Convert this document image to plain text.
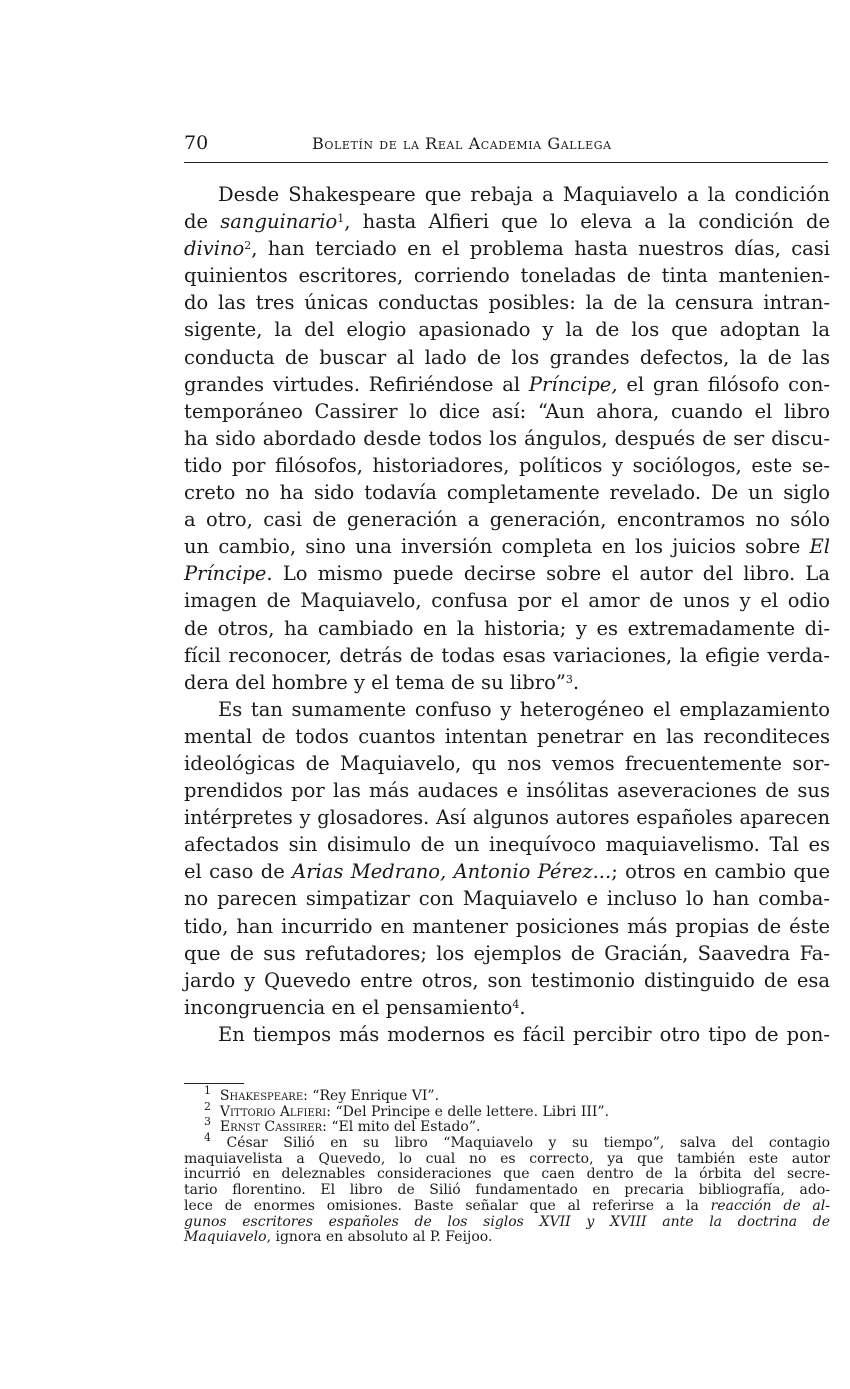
70	Boletín de la Real Academia Gallega
Desde Shakespeare que rebaja a Maquiavelo a la condición
de sanguinario$^1$, hasta Alfieri que lo eleva a la condición de
divino$^2$, han terciado en el problema hasta nuestros días, casi
quinientos escritores, corriendo toneladas de tinta mantenien-
do las tres únicas conductas posibles: la de la censura intran-
sigente, la del elogio apasionado y la de los que adoptan la
conducta de buscar al lado de los grandes defectos, la de las
grandes virtudes. Refiriéndose al Príncipe, el gran filósofo con-
temporáneo Cassirer lo dice así: “Aun ahora, cuando el libro
ha sido abordado desde todos los ángulos, después de ser discu-
tido por filósofos, historiadores, políticos y sociólogos, este se-
creto no ha sido todavía completamente revelado. De un siglo
a otro, casi de generación a generación, encontramos no sólo
un cambio, sino una inversión completa en los juicios sobre El
Príncipe. Lo mismo puede decirse sobre el autor del libro. La
imagen de Maquiavelo, confusa por el amor de unos y el odio
de otros, ha cambiado en la historia; y es extremadamente di-
fícil reconocer, detrás de todas esas variaciones, la efigie verda-
dera del hombre y el tema de su libro”$^3$.
Es tan sumamente confuso y heterogéneo el emplazamiento
mental de todos cuantos intentan penetrar en las reconditeces
ideológicas de Maquiavelo, qu nos vemos frecuentemente sor-
prendidos por las más audaces e insólitas aseveraciones de sus
intérpretes y glosadores. Así algunos autores españoles aparecen
afectados sin disimulo de un inequívoco maquiavelismo. Tal es
el caso de Arias Medrano, Antonio Pérez...; otros en cambio que
no parecen simpatizar con Maquiavelo e incluso lo han comba-
tido, han incurrido en mantener posiciones más propias de éste
que de sus refutadores; los ejemplos de Gracián, Saavedra Fa-
jardo y Quevedo entre otros, son testimonio distinguido de esa
incongruencia en el pensamiento$^4$.
En tiempos más modernos es fácil percibir otro tipo de pon-
$^1$ Shakespeare: “Rey Enrique VI”.
$^2$ Vittorio Alfieri: “Del Principe e delle lettere. Libri III”.
$^3$ Ernst Cassirer: “El mito del Estado”.
$^4$ César Silió en su libro “Maquiavelo y su tiempo”, salva del contagio
maquiavelista a Quevedo, lo cual no es correcto, ya que también este autor
incurrió en deleznables consideraciones que caen dentro de la órbita del secre-
tario florentino. El libro de Silió fundamentado en precaria bibliografía, ado-
lece de enormes omisiones. Baste señalar que al referirse a la reacción de al-
gunos escritores españoles de los siglos XVII y XVIII ante la doctrina de
Maquiavelo, ignora en absoluto al P. Feijoo.
